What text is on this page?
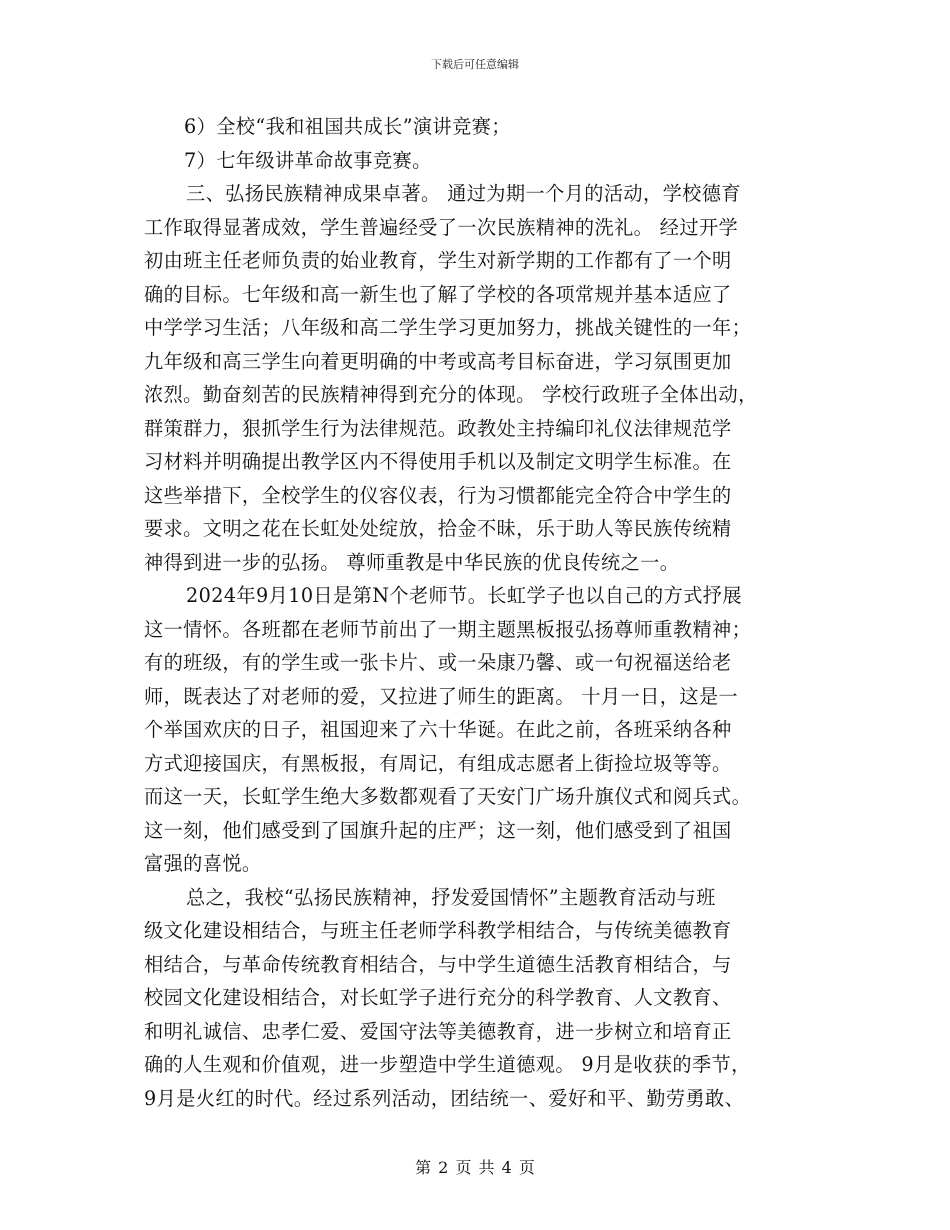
下载后可任意编辑
6）全校“我和祖国共成长”演讲竞赛；
7）七年级讲革命故事竞赛。
三、弘扬民族精神成果卓著。 通过为期一个月的活动，学校德育
工作取得显著成效，学生普遍经受了一次民族精神的洗礼。 经过开学
初由班主任老师负责的始业教育，学生对新学期的工作都有了一个明
确的目标。七年级和高一新生也了解了学校的各项常规并基本适应了
中学学习生活；八年级和高二学生学习更加努力，挑战关键性的一年；
九年级和高三学生向着更明确的中考或高考目标奋进，学习氛围更加
浓烈。勤奋刻苦的民族精神得到充分的体现。 学校行政班子全体出动，
群策群力，狠抓学生行为法律规范。政教处主持编印礼仪法律规范学
习材料并明确提出教学区内不得使用手机以及制定文明学生标准。在
这些举措下，全校学生的仪容仪表，行为习惯都能完全符合中学生的
要求。文明之花在长虹处处绽放，拾金不昧，乐于助人等民族传统精
神得到进一步的弘扬。 尊师重教是中华民族的优良传统之一。
2024年9月10日是第N个老师节。长虹学子也以自己的方式抒展
这一情怀。各班都在老师节前出了一期主题黑板报弘扬尊师重教精神；
有的班级，有的学生或一张卡片、或一朵康乃馨、或一句祝福送给老
师，既表达了对老师的爱，又拉进了师生的距离。 十月一日，这是一
个举国欢庆的日子，祖国迎来了六十华诞。在此之前，各班采纳各种
方式迎接国庆，有黑板报，有周记，有组成志愿者上街捡垃圾等等。
而这一天，长虹学生绝大多数都观看了天安门广场升旗仪式和阅兵式。
这一刻，他们感受到了国旗升起的庄严；这一刻，他们感受到了祖国
富强的喜悦。
总之，我校“弘扬民族精神，抒发爱国情怀”主题教育活动与班
级文化建设相结合，与班主任老师学科教学相结合，与传统美德教育
相结合，与革命传统教育相结合，与中学生道德生活教育相结合，与
校园文化建设相结合，对长虹学子进行充分的科学教育、人文教育、
和明礼诚信、忠孝仁爱、爱国守法等美德教育，进一步树立和培育正
确的人生观和价值观，进一步塑造中学生道德观。 9月是收获的季节，
9月是火红的时代。经过系列活动，团结统一、爱好和平、勤劳勇敢、
第 2 页 共 4 页
